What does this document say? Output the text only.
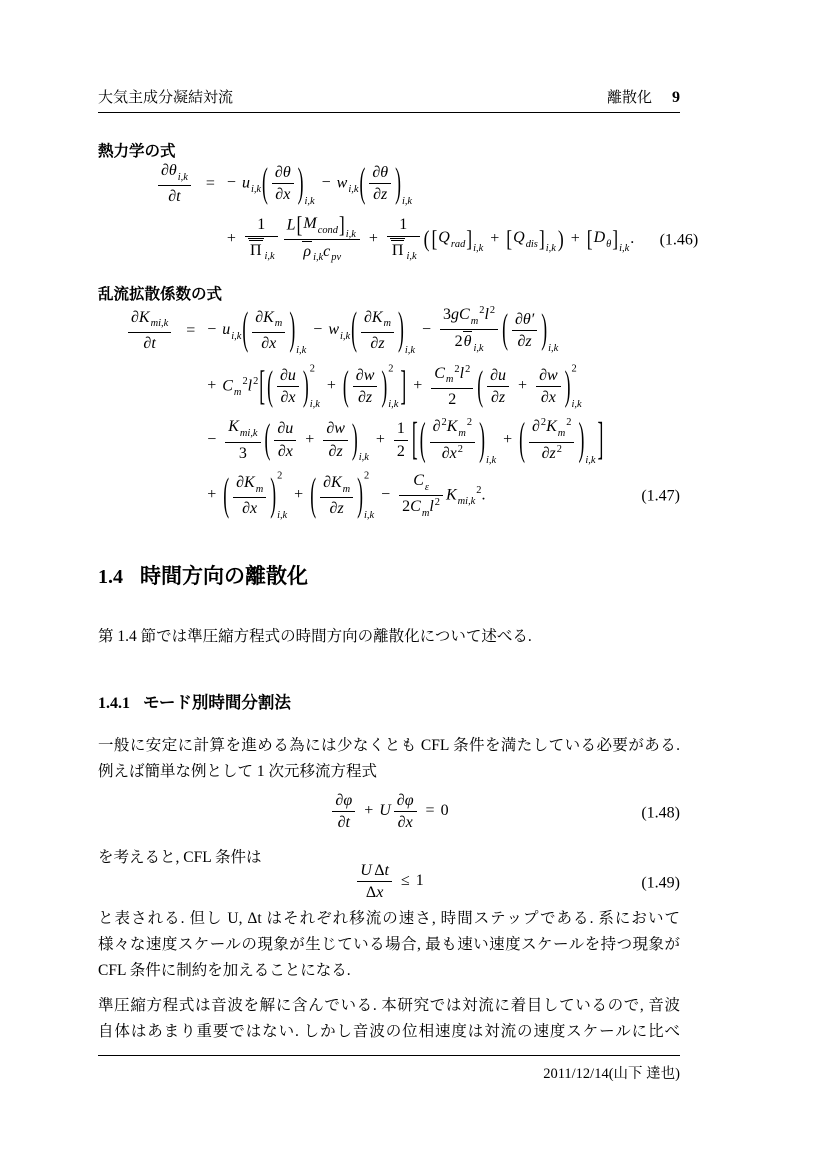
大気主成分凝結対流	離散化 9
熱力学の式
$\frac{\partial\theta_{i,k}}{\partial t}$ = − $u_{i,k}$ ( $\frac{\partial\theta}{\partial x}$ ) i,k
− $w_{i,k}$ ( $\frac{\partial\theta}{\partial z}$ ) i,k
+ $\frac{1}{\Pi _{i,k}}$ L [ $M_{cond}$ ] i,k
ρ $_{i,k}c_{pv}$
+ $\frac{1}{\Pi _{i,k}}$ ( [ $Q_{rad}$ ] i,k
+ [ $Q_{dis}$ ] i,k ) + [ $D_\theta$ ] i,k
. (1.46)
乱流拡散係数の式
$\partial K_{mi,k}$
∂t
= − $u_{i,k}$ ( $\frac{\partial K_m}{\partial x}$ ) i,k
− $w_{i,k}$ ( $\frac{\partial K_m}{\partial z}$ ) i,k
−
$3gC_m^2l^2$
2θ $_{i,k}$	( $\frac{\partial\theta'}{\partial z}$ ) i,k
+ $C_m^2l^2$ [ ( $\frac{\partial u}{\partial x}$ ) 2
i,k
+ ( $\frac{\partial w}{\partial z}$ ) 2
i,k ] + $\frac{C_m^2l^2}{2}$ ( $\frac{\partial u}{\partial z} + \frac{\partial w}{\partial x}$ ) 2
i,k
−
$K_{mi,k}$
3	( $\frac{\partial u}{\partial x} + \frac{\partial w}{\partial z}$ ) i,k
+ $\frac{1}{2}$ [ ( $\frac{\partial^2K_m^2}{\partial x^2}$ ) i,k
+ ( $\frac{\partial^2K_m^2}{\partial z^2}$ ) i,k ]
+ ( $\frac{\partial K_m}{\partial x}$ ) 2
i,k
+ ( $\frac{\partial K_m}{\partial z}$ ) 2
i,k
−
$C_\varepsilon$
$2C_ml^2$ $K_{mi,k}^2$.	(1.47)
1.4 時間方向の離散化
第 1.4 節では準圧縮方程式の時間方向の離散化について述べる.
1.4.1 モード別時間分割法
一般に安定に計算を進める為には少なくとも CFL 条件を満たしている必要がある.
例えば簡単な例として 1 次元移流方程式
$\frac{\partial\varphi}{\partial t} + U \frac{\partial\varphi}{\partial x} = 0$	(1.48)
を考えると, CFL 条件は
U Δt
Δx
≤ 1	(1.49)
と表される. 但し U, Δt はそれぞれ移流の速さ, 時間ステップである. 系において
様々な速度スケールの現象が生じている場合, 最も速い速度スケールを持つ現象が
CFL 条件に制約を加えることになる.
準圧縮方程式は音波を解に含んでいる. 本研究では対流に着目しているので, 音波
自体はあまり重要ではない. しかし音波の位相速度は対流の速度スケールに比べ
2011/12/14(山下 達也)
